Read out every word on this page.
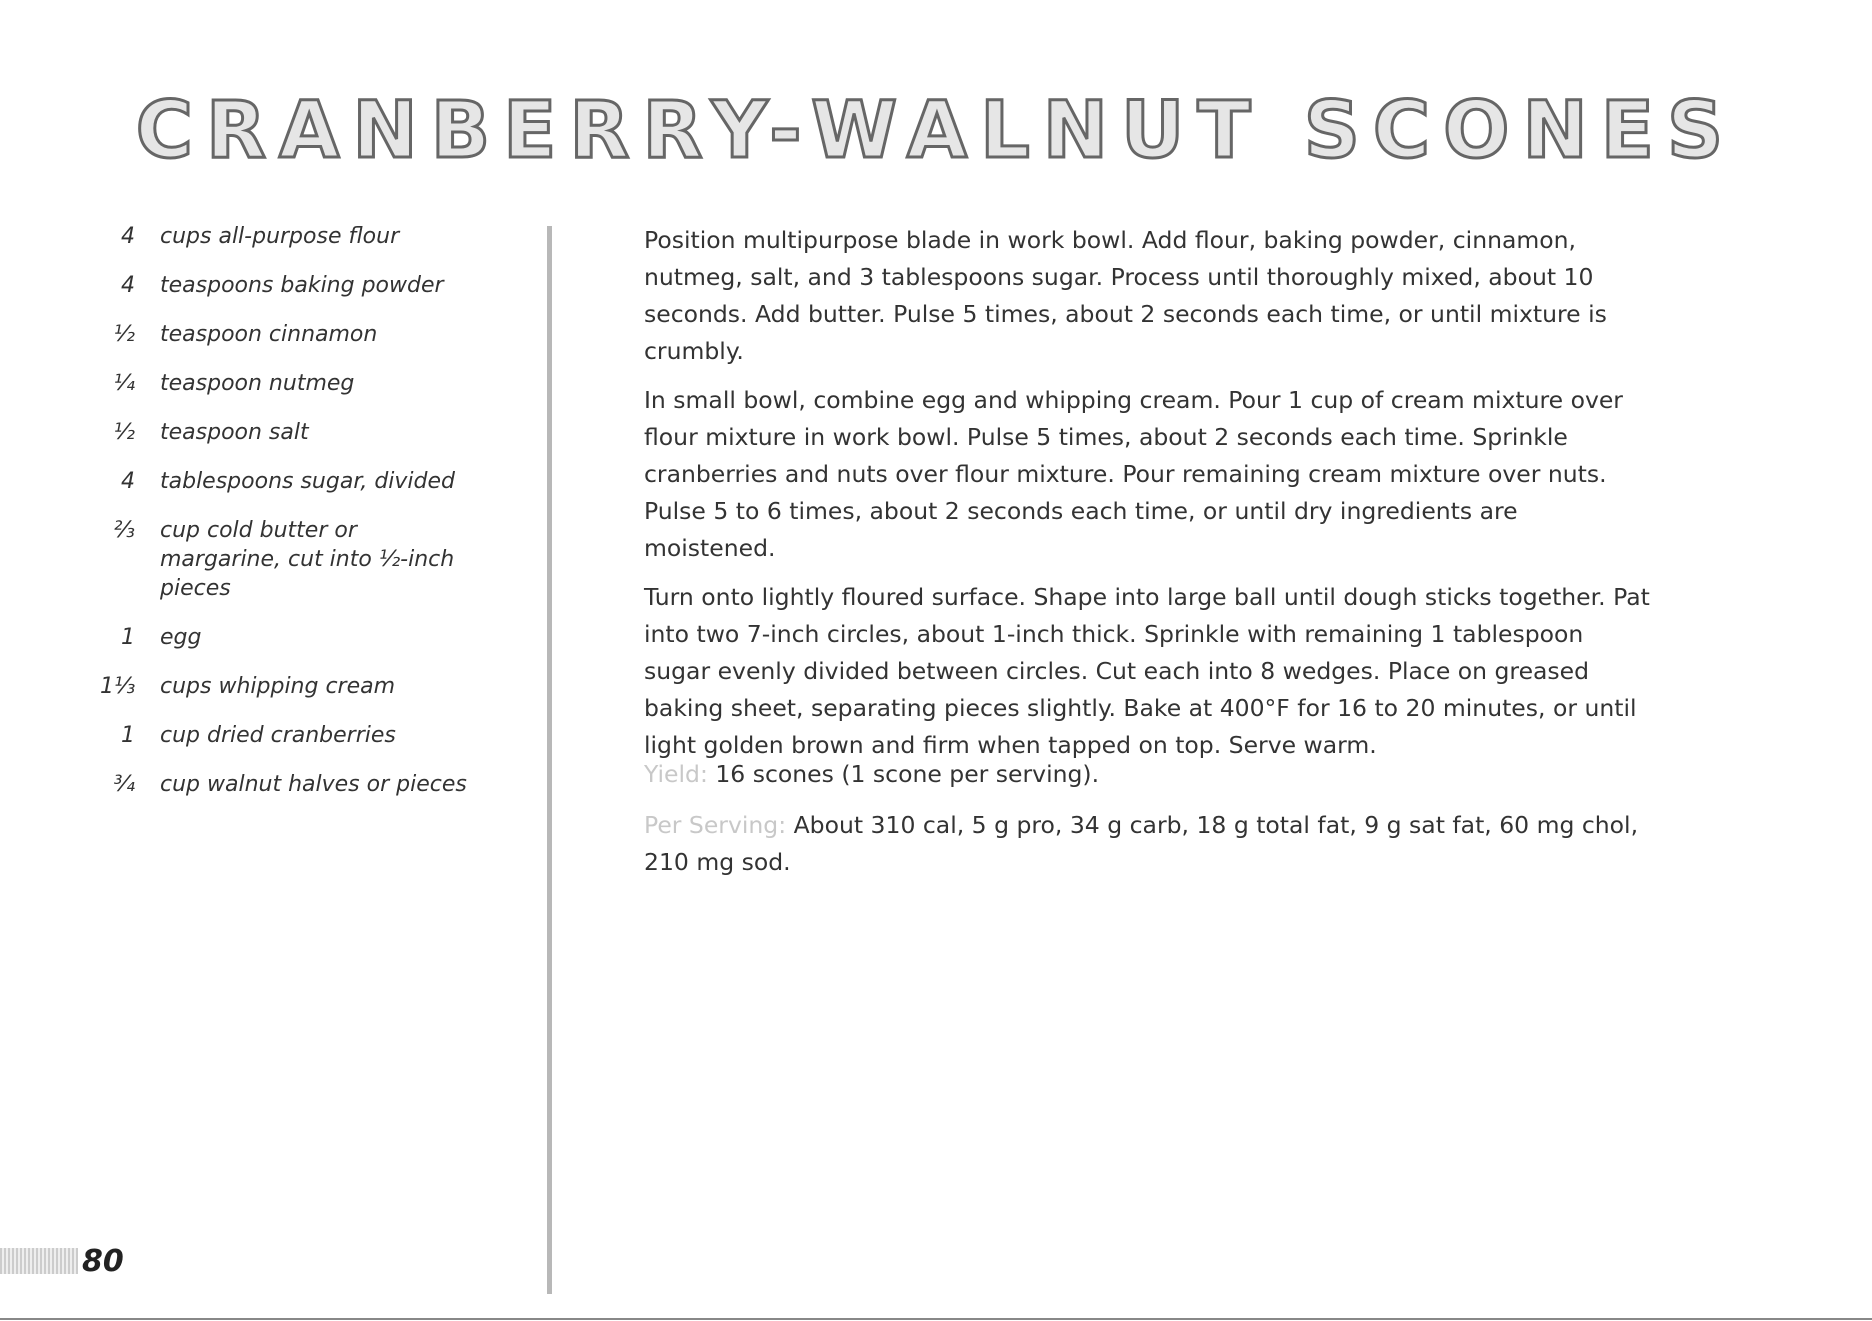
CRANBERRY-WALNUT SCONES
4 cups all-purpose flour
4 teaspoons baking powder
½ teaspoon cinnamon
¼ teaspoon nutmeg
½ teaspoon salt
4 tablespoons sugar, divided
⅔ cup cold butter or margarine, cut into ½-inch pieces
1 egg
1⅓ cups whipping cream
1 cup dried cranberries
¾ cup walnut halves or pieces

Position multipurpose blade in work bowl. Add flour, baking powder, cinnamon, nutmeg, salt, and 3 tablespoons sugar. Process until thoroughly mixed, about 10 seconds. Add butter. Pulse 5 times, about 2 seconds each time, or until mixture is crumbly.

In small bowl, combine egg and whipping cream. Pour 1 cup of cream mixture over flour mixture in work bowl. Pulse 5 times, about 2 seconds each time. Sprinkle cranberries and nuts over flour mixture. Pour remaining cream mixture over nuts. Pulse 5 to 6 times, about 2 seconds each time, or until dry ingredients are moistened.

Turn onto lightly floured surface. Shape into large ball until dough sticks together. Pat into two 7-inch circles, about 1-inch thick. Sprinkle with remaining 1 tablespoon sugar evenly divided between circles. Cut each into 8 wedges. Place on greased baking sheet, separating pieces slightly. Bake at 400°F for 16 to 20 minutes, or until light golden brown and firm when tapped on top. Serve warm.

Yield: 16 scones (1 scone per serving).

Per Serving: About 310 cal, 5 g pro, 34 g carb, 18 g total fat, 9 g sat fat, 60 mg chol, 210 mg sod.

80
